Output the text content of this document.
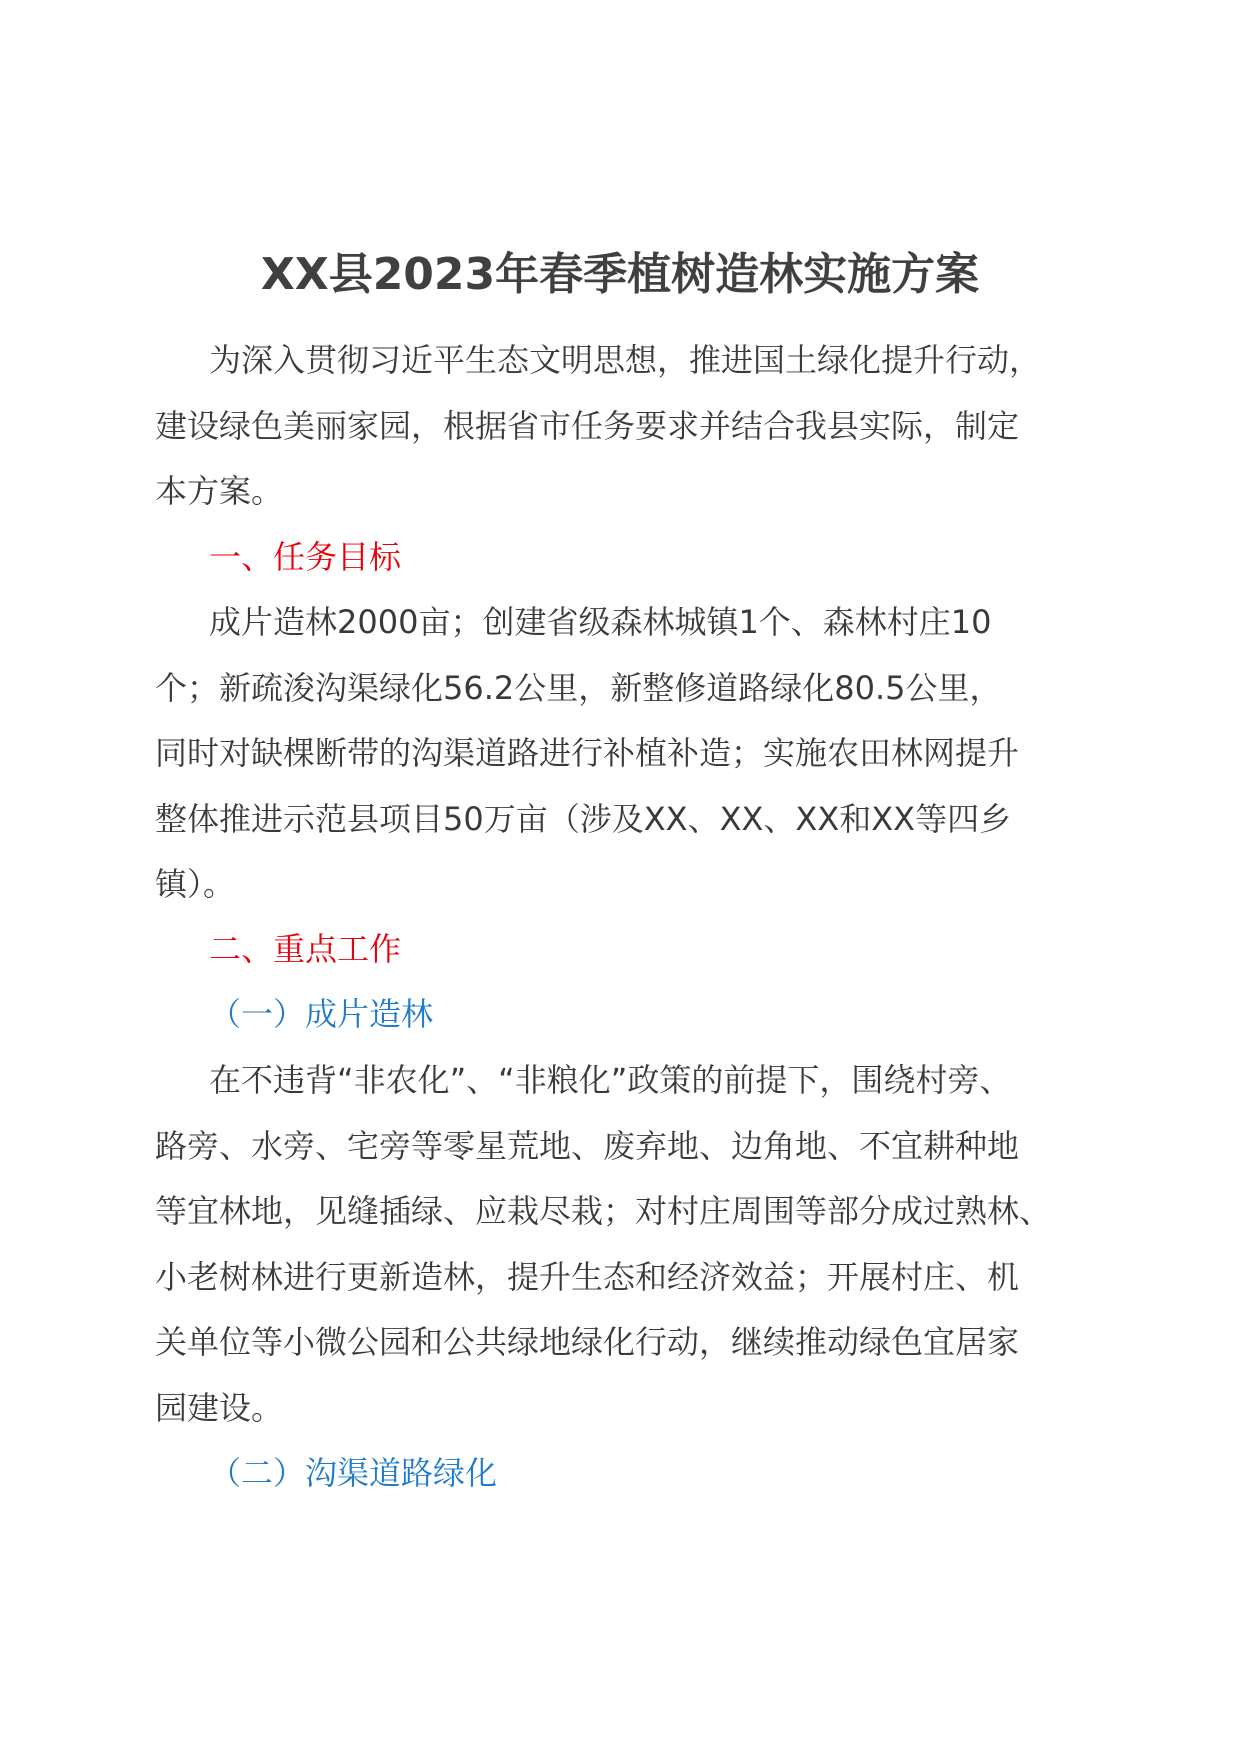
XX县2023年春季植树造林实施方案
为深入贯彻习近平生态文明思想，推进国土绿化提升行动，
建设绿色美丽家园，根据省市任务要求并结合我县实际，制定
本方案。
一、任务目标
成片造林2000亩；创建省级森林城镇1个、森林村庄10
个；新疏浚沟渠绿化56.2公里，新整修道路绿化80.5公里，
同时对缺棵断带的沟渠道路进行补植补造；实施农田林网提升
整体推进示范县项目50万亩（涉及XX、XX、XX和XX等四乡
镇）。
二、重点工作
（一）成片造林
在不违背“非农化”、“非粮化”政策的前提下，围绕村旁、
路旁、水旁、宅旁等零星荒地、废弃地、边角地、不宜耕种地
等宜林地，见缝插绿、应栽尽栽；对村庄周围等部分成过熟林、
小老树林进行更新造林，提升生态和经济效益；开展村庄、机
关单位等小微公园和公共绿地绿化行动，继续推动绿色宜居家
园建设。
（二）沟渠道路绿化
